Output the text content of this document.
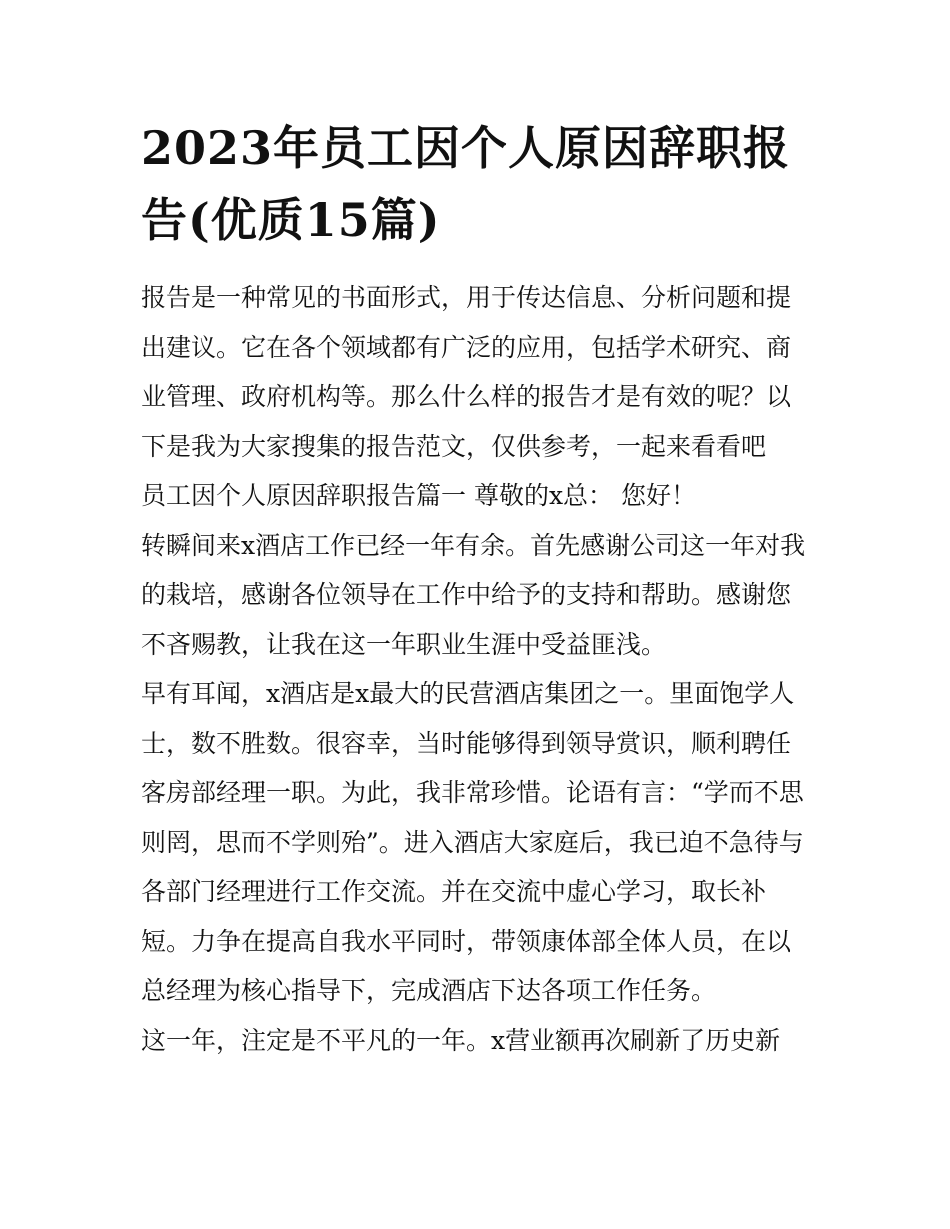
2023年员工因个人原因辞职报告(优质15篇)

报告是一种常见的书面形式，用于传达信息、分析问题和提出建议。它在各个领域都有广泛的应用，包括学术研究、商业管理、政府机构等。那么什么样的报告才是有效的呢？以下是我为大家搜集的报告范文，仅供参考，一起来看看吧

员工因个人原因辞职报告篇一 尊敬的x总： 您好！

转瞬间来x酒店工作已经一年有余。首先感谢公司这一年对我的栽培，感谢各位领导在工作中给予的支持和帮助。感谢您不吝赐教，让我在这一年职业生涯中受益匪浅。

早有耳闻，x酒店是x最大的民营酒店集团之一。里面饱学人士，数不胜数。很容幸，当时能够得到领导赏识，顺利聘任客房部经理一职。为此，我非常珍惜。论语有言：“学而不思则罔，思而不学则殆”。进入酒店大家庭后，我已迫不急待与各部门经理进行工作交流。并在交流中虚心学习，取长补短。力争在提高自我水平同时，带领康体部全体人员，在以总经理为核心指导下，完成酒店下达各项工作任务。

这一年，注定是不平凡的一年。x营业额再次刷新了历史新
